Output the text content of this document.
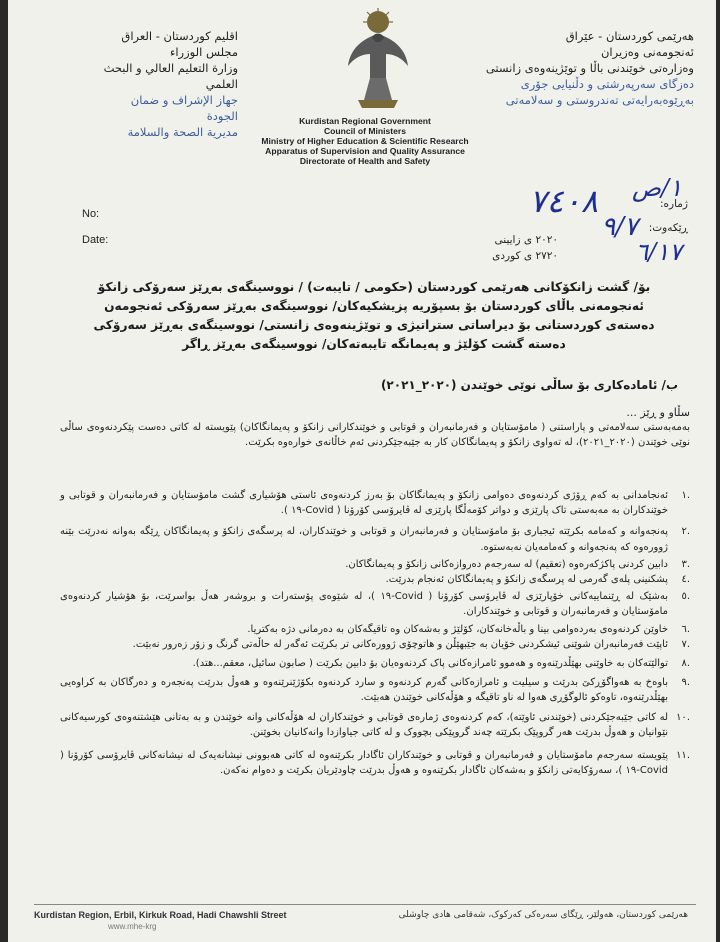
اقليم كوردستان - العراق
مجلس الوزراء
وزارة التعليم العالي و البحث العلمي
جهاز الإشراف و ضمان الجودة
مديرية الصحة والسلامة
هەرێمی کوردستان - عێراق
ئەنجومەنی وەزیران
وەزارەتی خوێندنی باڵا و توێژینەوەی زانستی
دەزگای سەرپەرشتی و دڵنیایی جۆری
بەڕێوەبەرایەتی تەندروستی و سەلامەتی
Kurdistan Regional Government
Council of Ministers
Ministry of Higher Education & Scientific Research
Apparatus of Supervision and Quality Assurance
Directorate of Health and Safety
No:
Date:
ژمارە:
ڕێکەوت:
٢٠٢٠ ی زایینی
٢٧٢٠ ی کوردی
٧٤٠٨ ١/ص
٩/٧
٦/١٧
بۆ/ گشت زانکۆکانی هەرێمی کوردستان (حکومی / تایبەت) / نووسینگەی بەڕێز سەرۆکی زانکۆ ئەنجومەنی باڵای کوردستان بۆ بسپۆریە پزیشکیەکان/ نووسینگەی بەڕێز سەرۆکی ئەنجومەن دەستەی کوردستانی بۆ دیراساتی ستراتیژی و توێژینەوەی زانستی/ نووسینگەی بەڕێز سەرۆکی دەستە گشت کۆلێژ و پەیمانگە تایبەتەکان/ نووسینگەی بەڕێز ڕاگر
ب/ ئامادەکاری بۆ ساڵی نوێی خوێندن (٢٠٢٠_٢٠٢١)
سڵاو و ڕێز ...
بەمەبەستی سەلامەتی و پاراستنی ( مامۆستایان و فەرمانبەران و قوتابی و خوێندکارانی زانکۆ و پەیمانگاکان) پێویستە لە کاتی دەست پێکردنەوەی ساڵی نوێی خوێندن (٢٠٢٠_٢٠٢١)، لە تەواوی زانکۆ و پەیمانگاکان کار بە جێبەجێکردنی ئەم خاڵانەی خوارەوە بکرێت.
.١
ئەنجامدانی بە کەم ڕۆژی کردنەوەی دەوامی زانکۆ و پەیمانگاکان بۆ بەرز کردنەوەی ئاستی هۆشیاری گشت مامۆستایان و فەرمانبەران و قوتابی و خوێندکاران بە مەبەستی تاک پارێزی و دواتر کۆمەڵگا پارێزی لە ڤایرۆسی کۆرۆنا ( Covid-١٩ ).
.٢
پەنجەوانە و کەمامە بکرێتە ئیجباری بۆ مامۆستایان و فەرمانبەران و قوتابی و خوێندکاران، لە پرسگەی زانکۆ و پەیمانگاکان ڕێگە بەوانە نەدرێت بێنە ژوورەوە کە پەنجەوانە و کەمامەیان نەبەستوە.
.٣
دابین کردنی پاکژکەرەوە (تعقیم) لە سەرجەم دەروازەکانی زانکۆ و پەیمانگاکان.
.٤
پشکنینی پلەی گەرمی لە پرسگەی زانکۆ و پەیمانگاکان ئەنجام بدرێت.
.٥
بەشێک لە ڕێنماییەکانی خۆپارێزی لە ڤایرۆسی کۆرۆنا ( Covid-١٩ )، لە شێوەی پۆستەرات و بروشەر هەڵ بواسرێت، بۆ هۆشیار کردنەوەی مامۆستایان و فەرمانبەران و قوتابی و خوێندکاران.
.٦
خاوێن کردنەوەی بەردەوامی بینا و باڵەخانەکان، کۆلێژ و بەشەکان وە تاقیگەکان بە دەرمانی دژە بەکتریا.
.٧
ئاپێت فەرمانبەران شوێنی ئیشکردنی خۆیان بە جێبهێڵن و هاتوچۆی ژوورەکانی تر بکرێت ئەگەر لە حاڵەتی گرنگ و زۆر زەرور نەبێت.
.٨
توالێتەکان بە خاوێنی بهێڵدرێنەوە و هەموو ئامرازەکانی پاک کردنەوەیان بۆ دابین بکرێت ( صابون سائیل، معقم...هتد).
.٩
باوەخ بە هەواگۆڕکێ بدرێت و سیلیت و ئامرازەکانی گەرم کردنەوە و سارد کردنەوە بکۆژێنرێنەوە و هەوڵ بدرێت پەنجەرە و دەرگاکان بە کراوەیی بهێڵدرێنەوە، تاوەکو ئالوگۆڕی هەوا لە ناو تاقیگە و هۆڵەکانی خوێندن هەبێت.
.١٠
لە کاتی جێبەجێکردنی (خوێندنی ئاوێتە)، کەم کردنەوەی ژمارەی قوتابی و خوێندکاران لە هۆڵەکانی وانە خوێندن و بە بەتانی هێشتنەوەی کورسیەکانی نێوانیان و هەوڵ بدرێت هەر گروپێک بکرێتە چەند گروپێکی بچووک و لە کاتی جیاوازدا وانەکانیان بخوێنن.
.١١
پێویستە سەرجەم مامۆستایان و فەرمانبەران و قوتابی و خوێندکاران ئاگادار بکرێنەوە لە کاتی هەبوونی نیشانەیەک لە نیشانەکانی ڤایرۆسی کۆرۆنا ( Covid-١٩ )، سەرۆکایەتی زانکۆ و بەشەکان ئاگادار بکرێنەوە و هەوڵ بدرێت چاودێریان بکرێت و دەوام نەکەن.
Kurdistan Region, Erbil, Kirkuk Road, Hadi Chawshli Street
www.mhe-krg
هەرێمی کوردستان، هەولێر، ڕێگای سەرەکی کەرکوک، شەقامی هادی چاوشلی
